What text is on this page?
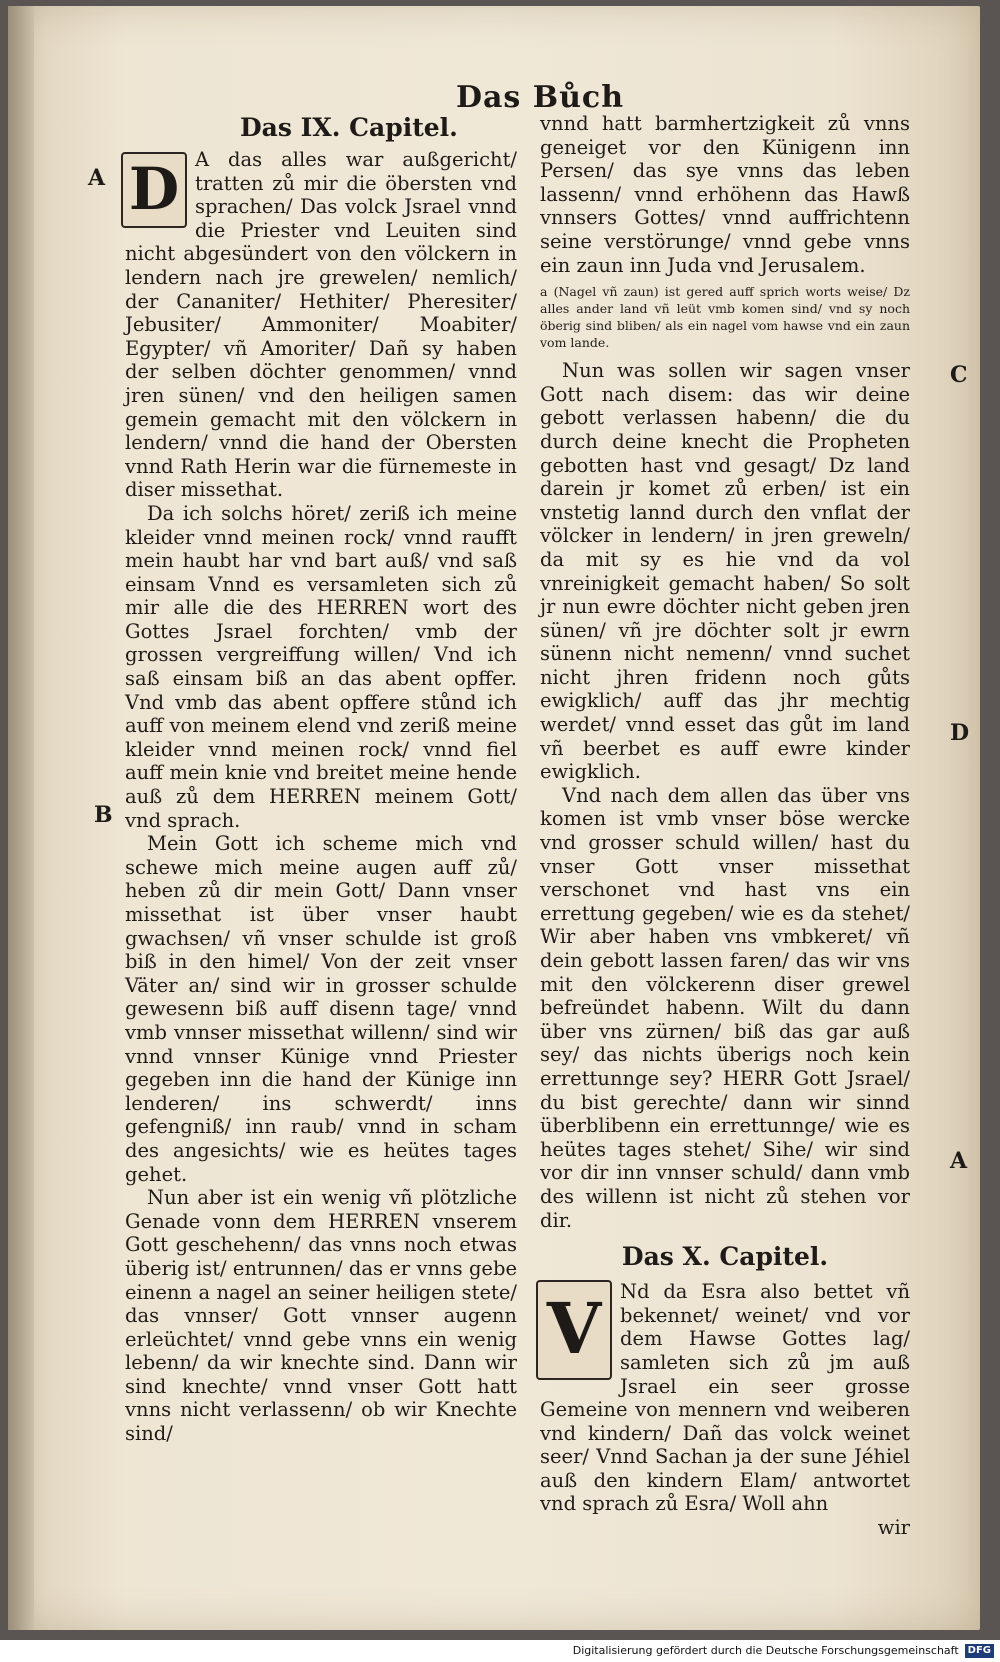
Das Bůch
Das IX. Capitel.
A
B
C
D
A

D A das alles war außgericht/ tratten zů mir die öbersten vnd sprachen/ Das volck Jsrael vnnd die Priester vnd Leuiten sind nicht abgesündert von den völckern in lendern nach jre grewelen/ nemlich/ der Cananiter/ Hethiter/ Pheresiter/ Jebusiter/ Ammoniter/ Moabiter/ Egypter/ vñ Amoriter/ Dañ sy haben der selben döchter genommen/ vnnd jren sünen/ vnd den heiligen samen gemein gemacht mit den völckern in lendern/ vnnd die hand der Obersten vnnd Rath Herin war die fürnemeste in diser missethat.

Da ich solchs höret/ zeriß ich meine kleider vnnd meinen rock/ vnnd raufft mein haubt har vnd bart auß/ vnd saß einsam Vnnd es versamleten sich zů mir alle die des HERREN wort des Gottes Jsrael forchten/ vmb der grossen vergreiffung willen/ Vnd ich saß einsam biß an das abent opffer. Vnd vmb das abent opffere stůnd ich auff von meinem elend vnd zeriß meine kleider vnnd meinen rock/ vnnd fiel auff mein knie vnd breitet meine hende auß zů dem HERREN meinem Gott/ vnd sprach.

Mein Gott ich scheme mich vnd schewe mich meine augen auff zů/ heben zů dir mein Gott/ Dann vnser missethat ist über vnser haubt gwachsen/ vñ vnser schulde ist groß biß in den himel/ Von der zeit vnser Väter an/ sind wir in grosser schulde gewesenn biß auff disenn tage/ vnnd vmb vnnser missethat willenn/ sind wir vnnd vnnser Künige vnnd Priester gegeben inn die hand der Künige inn lenderen/ ins schwerdt/ inns gefengniß/ inn raub/ vnnd in scham des angesichts/ wie es heütes tages gehet.

Nun aber ist ein wenig vñ plötzliche Genade vonn dem HERREN vnserem Gott geschehenn/ das vnns noch etwas überig ist/ entrunnen/ das er vnns gebe einenn a nagel an seiner heiligen stete/ das vnnser/ Gott vnnser augenn erleüchtet/ vnnd gebe vnns ein wenig lebenn/ da wir knechte sind. Dann wir sind knechte/ vnnd vnser Gott hatt vnns nicht verlassenn/ ob wir Knechte sind/

vnnd hatt barmhertzigkeit zů vnns geneiget vor den Künigenn inn Persen/ das sye vnns das leben lassenn/ vnnd erhöhenn das Hawß vnnsers Gottes/ vnnd auffrichtenn seine verstörunge/ vnnd gebe vnns ein zaun inn Juda vnd Jerusalem.

a (Nagel vñ zaun) ist gered auff sprich worts weise/ Dz alles ander land vñ leüt vmb komen sind/ vnd sy noch öberig sind bliben/ als ein nagel vom hawse vnd ein zaun vom lande.

Nun was sollen wir sagen vnser Gott nach disem: das wir deine gebott verlassen habenn/ die du durch deine knecht die Propheten gebotten hast vnd gesagt/ Dz land darein jr komet zů erben/ ist ein vnstetig lannd durch den vnflat der völcker in lendern/ in jren greweln/ da mit sy es hie vnd da vol vnreinigkeit gemacht haben/ So solt jr nun ewre döchter nicht geben jren sünen/ vñ jre döchter solt jr ewrn sünenn nicht nemenn/ vnnd suchet nicht jhren fridenn noch gůts ewigklich/ auff das jhr mechtig werdet/ vnnd esset das gůt im land vñ beerbet es auff ewre kinder ewigklich.

Vnd nach dem allen das über vns komen ist vmb vnser böse wercke vnd grosser schuld willen/ hast du vnser Gott vnser missethat verschonet vnd hast vns ein errettung gegeben/ wie es da stehet/ Wir aber haben vns vmbkeret/ vñ dein gebott lassen faren/ das wir vns mit den völckerenn diser grewel befreündet habenn. Wilt du dann über vns zürnen/ biß das gar auß sey/ das nichts überigs noch kein errettunnge sey? HERR Gott Jsrael/ du bist gerechte/ dann wir sinnd überblibenn ein errettunnge/ wie es heütes tages stehet/ Sihe/ wir sind vor dir inn vnnser schuld/ dann vmb des willenn ist nicht zů stehen vor dir.

Das X. Capitel.

V Nd da Esra also bettet vñ bekennet/ weinet/ vnd vor dem Hawse Gottes lag/ samleten sich zů jm auß Jsrael ein seer grosse Gemeine von mennern vnd weiberen vnd kindern/ Dañ das volck weinet seer/ Vnnd Sachan ja der sune Jéhiel auß den kindern Elam/ antwortet vnd sprach zů Esra/ Woll ahn

wir

Digitalisierung gefördert durch die Deutsche Forschungsgemeinschaft DFG
